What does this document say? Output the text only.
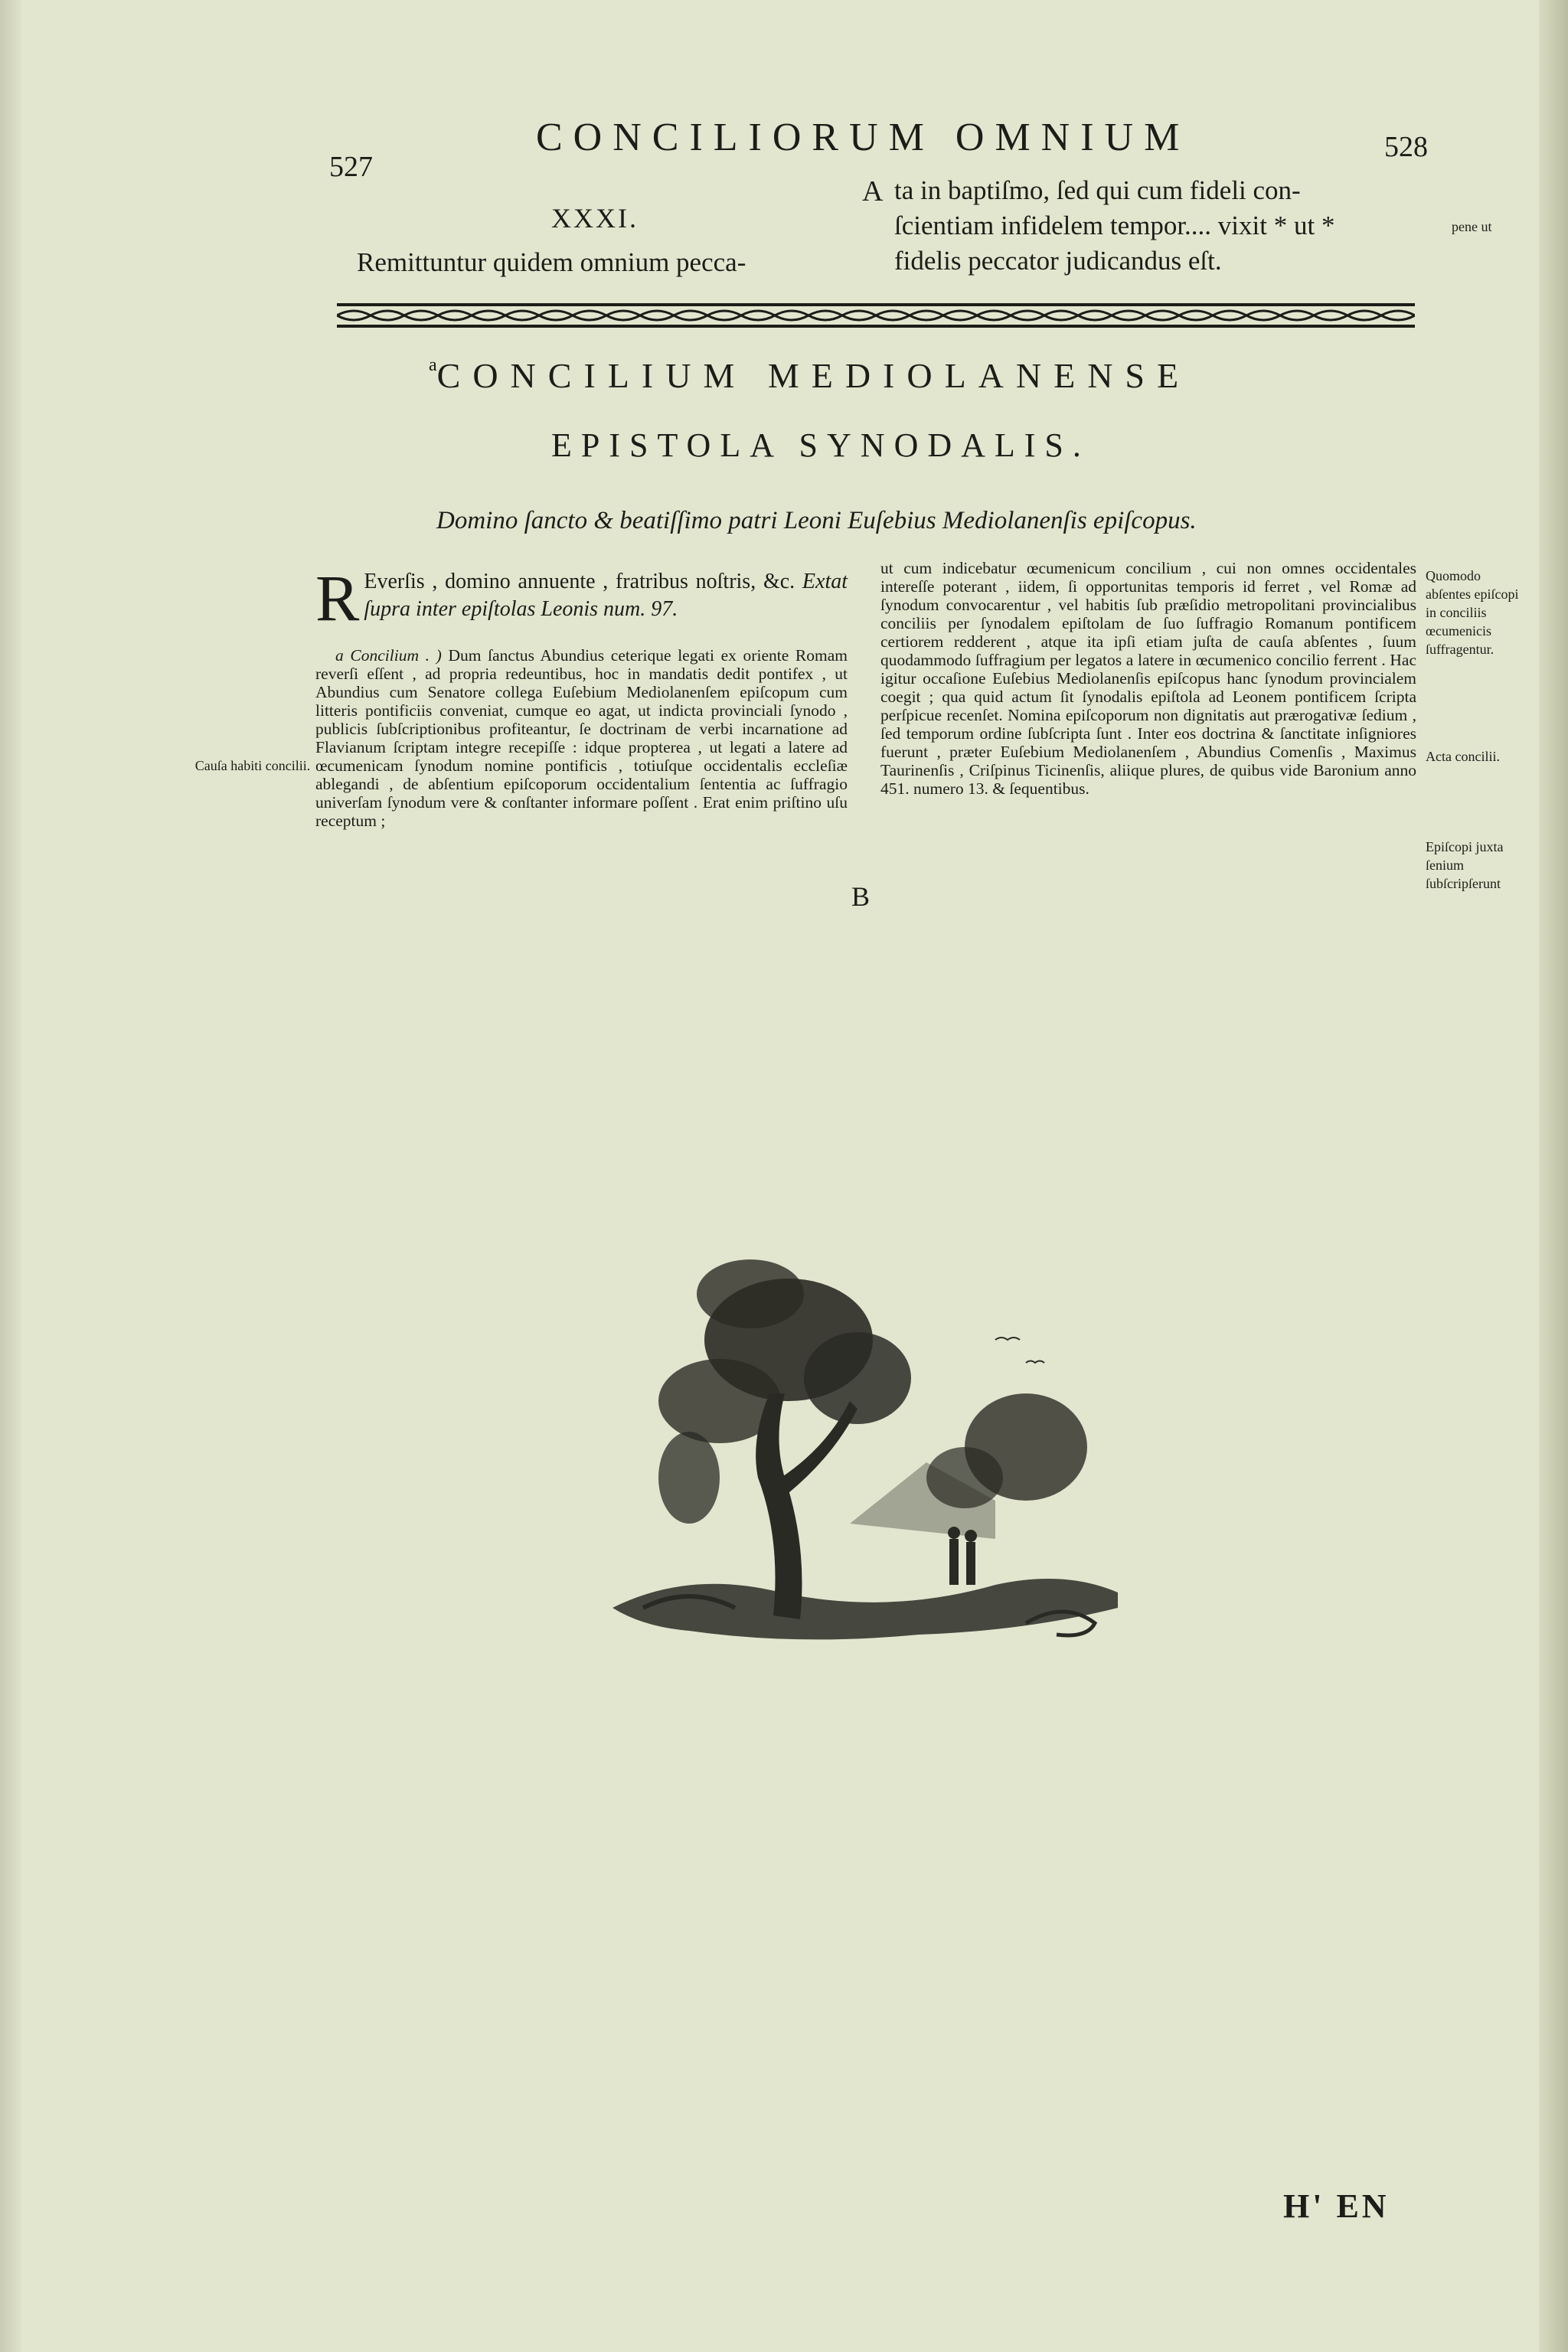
527
CONCILIORUM OMNIUM	528
XXXI.
Remittuntur quidem omnium pecca-
A ta in baptiſmo, ſed qui cum fideli con-
ſcientiam infidelem tempor.... vixit * ut *
fidelis peccator judicandus eſt.
pene ut
$^a$CONCILIUM MEDIOLANENSE
EPISTOLA SYNODALIS.
Domino ſancto & beatiſſimo patri Leoni Euſebius Mediolanenſis epiſcopus.

R Everſis , domino annuente , fratribus noſtris, &c. Extat ſupra inter epiſtolas Leonis num. 97.

a Concilium . ) Dum ſanctus Abundius ceterique legati ex oriente Romam reverſi eſſent , ad propria redeuntibus, hoc in mandatis dedit pontifex , ut Abundius cum Senatore collega Euſebium Mediolanenſem epiſcopum cum litteris pontificiis conveniat, cumque eo agat, ut indicta provinciali ſynodo , publicis ſubſcriptionibus profiteantur, ſe doctrinam de verbi incarnatione ad Flavianum ſcriptam integre recepiſſe : idque propterea , ut legati a latere ad œcumenicam ſynodum nomine pontificis , totiuſque occidentalis eccleſiæ ablegandi , de abſentium epiſcoporum occidentalium ſententia ac ſuffragio univerſam ſynodum vere & conſtanter informare poſſent . Erat enim priſtino uſu receptum ;

ut cum indicebatur œcumenicum concilium , cui non omnes occidentales intereſſe poterant , iidem, ſi opportunitas temporis id ferret , vel Romæ ad ſynodum convocarentur , vel habitis ſub præſidio metropolitani provincialibus conciliis per ſynodalem epiſtolam de ſuo ſuffragio Romanum pontificem certiorem redderent , atque ita ipſi etiam juſta de cauſa abſentes , ſuum quodammodo ſuffragium per legatos a latere in œcumenico concilio ferrent . Hac igitur occaſione Euſebius Mediolanenſis epiſcopus hanc ſynodum provincialem coegit ; qua quid actum ſit ſynodalis epiſtola ad Leonem pontificem ſcripta perſpicue recenſet. Nomina epiſcoporum non dignitatis aut prærogativæ ſedium , ſed temporum ordine ſubſcripta ſunt . Inter eos doctrina & ſanctitate inſigniores fuerunt , præter Euſebium Mediolanenſem , Abundius Comenſis , Maximus Taurinenſis , Criſpinus Ticinenſis, aliique plures, de quibus vide Baronium anno 451. numero 13. & ſequentibus.

B
Cauſa habiti concilii.
Quomodo abſentes epiſcopi in conciliis œcumenicis ſuffragentur.
Acta concilii.
Epiſcopi juxta ſenium ſubſcripſerunt
H' EN
